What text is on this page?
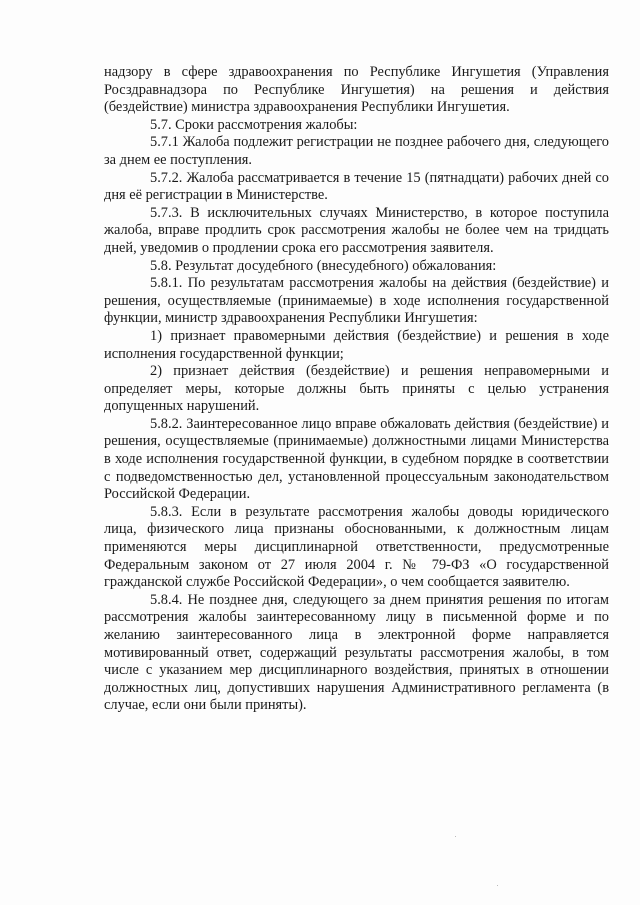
надзору в сфере здравоохранения по Республике Ингушетия (Управления Росздравнадзора по Республике Ингушетия) на решения и действия (бездействие) министра здравоохранения Республики Ингушетия.

5.7. Сроки рассмотрения жалобы:

5.7.1 Жалоба подлежит регистрации не позднее рабочего дня, следующего за днем ее поступления.

5.7.2. Жалоба рассматривается в течение 15 (пятнадцати) рабочих дней со дня её регистрации в Министерстве.

5.7.3. В исключительных случаях Министерство, в которое поступила жалоба, вправе продлить срок рассмотрения жалобы не более чем на тридцать дней, уведомив о продлении срока его рассмотрения заявителя.

5.8. Результат досудебного (внесудебного) обжалования:

5.8.1. По результатам рассмотрения жалобы на действия (бездействие) и решения, осуществляемые (принимаемые) в ходе исполнения государственной функции, министр здравоохранения Республики Ингушетия:

1) признает правомерными действия (бездействие) и решения в ходе исполнения государственной функции;

2) признает действия (бездействие) и решения неправомерными и определяет меры, которые должны быть приняты с целью устранения допущенных нарушений.

5.8.2. Заинтересованное лицо вправе обжаловать действия (бездействие) и решения, осуществляемые (принимаемые) должностными лицами Министерства в ходе исполнения государственной функции, в судебном порядке в соответствии с подведомственностью дел, установленной процессуальным законодательством Российской Федерации.

5.8.3. Если в результате рассмотрения жалобы доводы юридического лица, физического лица признаны обоснованными, к должностным лицам применяются меры дисциплинарной ответственности, предусмотренные Федеральным законом от 27 июля 2004 г. № 79-ФЗ «О государственной гражданской службе Российской Федерации», о чем сообщается заявителю.

5.8.4. Не позднее дня, следующего за днем принятия решения по итогам рассмотрения жалобы заинтересованному лицу в письменной форме и по желанию заинтересованного лица в электронной форме направляется мотивированный ответ, содержащий результаты рассмотрения жалобы, в том числе с указанием мер дисциплинарного воздействия, принятых в отношении должностных лиц, допустивших нарушения Административного регламента (в случае, если они были приняты).
